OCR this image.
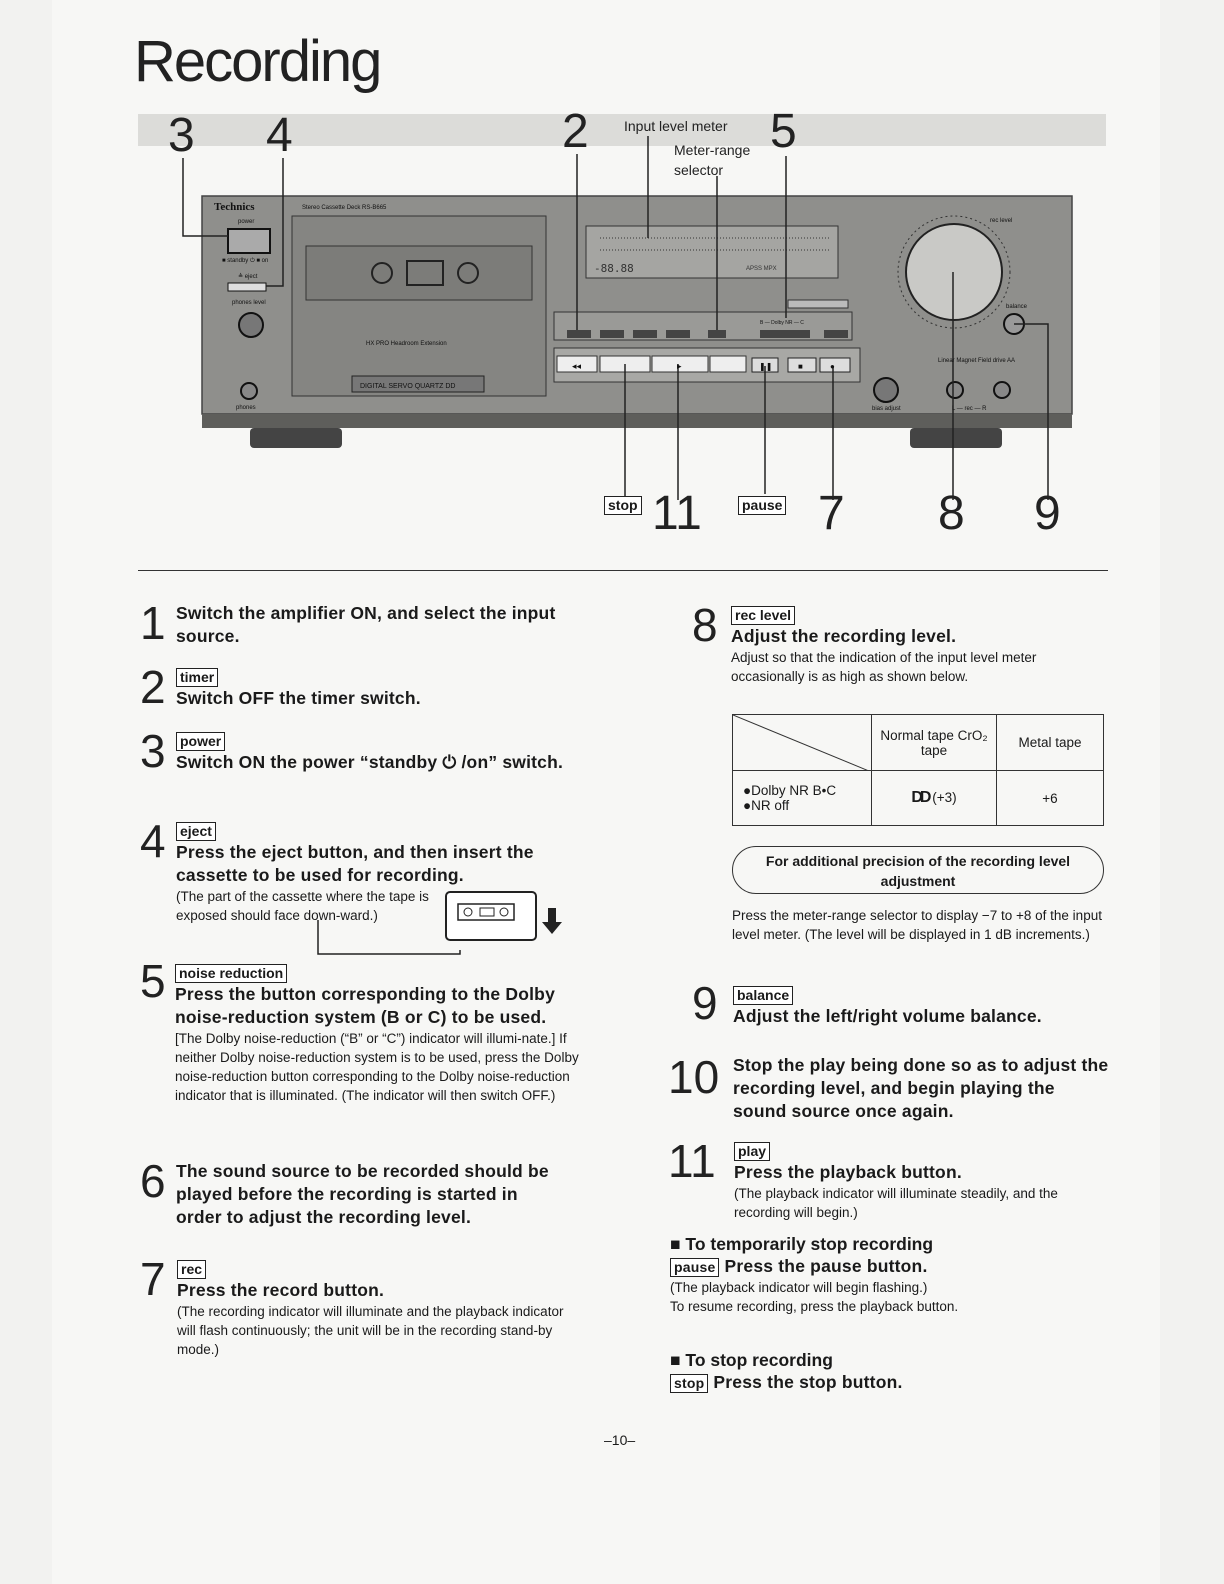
Recording
Technics	Stereo Cassette Deck RS-B665
power
■ standby ⏻ ■ on
≜ eject
phones level
phones
HX PRO Headroom Extension
DIGITAL SERVO QUARTZ DD
-88.88	APSS MPX
B — Dolby NR — C
◂◂	▸	❚❚	■	●
rec level
balance
Linear Magnet Field drive AA
bias adjust	L — rec — R
3 4	2	5
Input level meter
Meter-range selector
stop 11	pause 7 8 9
1 Switch the amplifier ON, and select the input source.
2 timer
Switch OFF the timer switch.
3 power
Switch ON the power “standby ⏻ /on” switch.
4 eject
Press the eject button, and then insert the cassette to be used for recording.
(The part of the cassette where the tape is exposed should face down-ward.)
5 noise reduction
Press the button corresponding to the Dolby noise-reduction system (B or C) to be used.
[The Dolby noise-reduction (“B” or “C”) indicator will illumi-nate.] If neither Dolby noise-reduction system is to be used, press the Dolby noise-reduction button corresponding to the Dolby noise-reduction indicator that is illuminated. (The indicator will then switch OFF.)
6 The sound source to be recorded should be played before the recording is started in order to adjust the recording level.
7 rec
Press the record button.
(The recording indicator will illuminate and the playback indicator will flash continuously; the unit will be in the recording stand-by mode.)
8 rec level
Adjust the recording level.
Adjust so that the indication of the input level meter occasionally is as high as shown below.
	Normal tape CrO₂ tape	Metal tape

●Dolby NR B•C
●NR off	DD (+3)	+6
For additional precision of the recording level adjustment
Press the meter-range selector to display −7 to +8 of the input level meter. (The level will be displayed in 1 dB increments.)
9 balance
Adjust the left/right volume balance.
10 Stop the play being done so as to adjust the recording level, and begin playing the sound source once again.
11 play
Press the playback button.
(The playback indicator will illuminate steadily, and the recording will begin.)
■ To temporarily stop recording
pause Press the pause button.
(The playback indicator will begin flashing.)
To resume recording, press the playback button.
■ To stop recording
stop Press the stop button.
–10–
